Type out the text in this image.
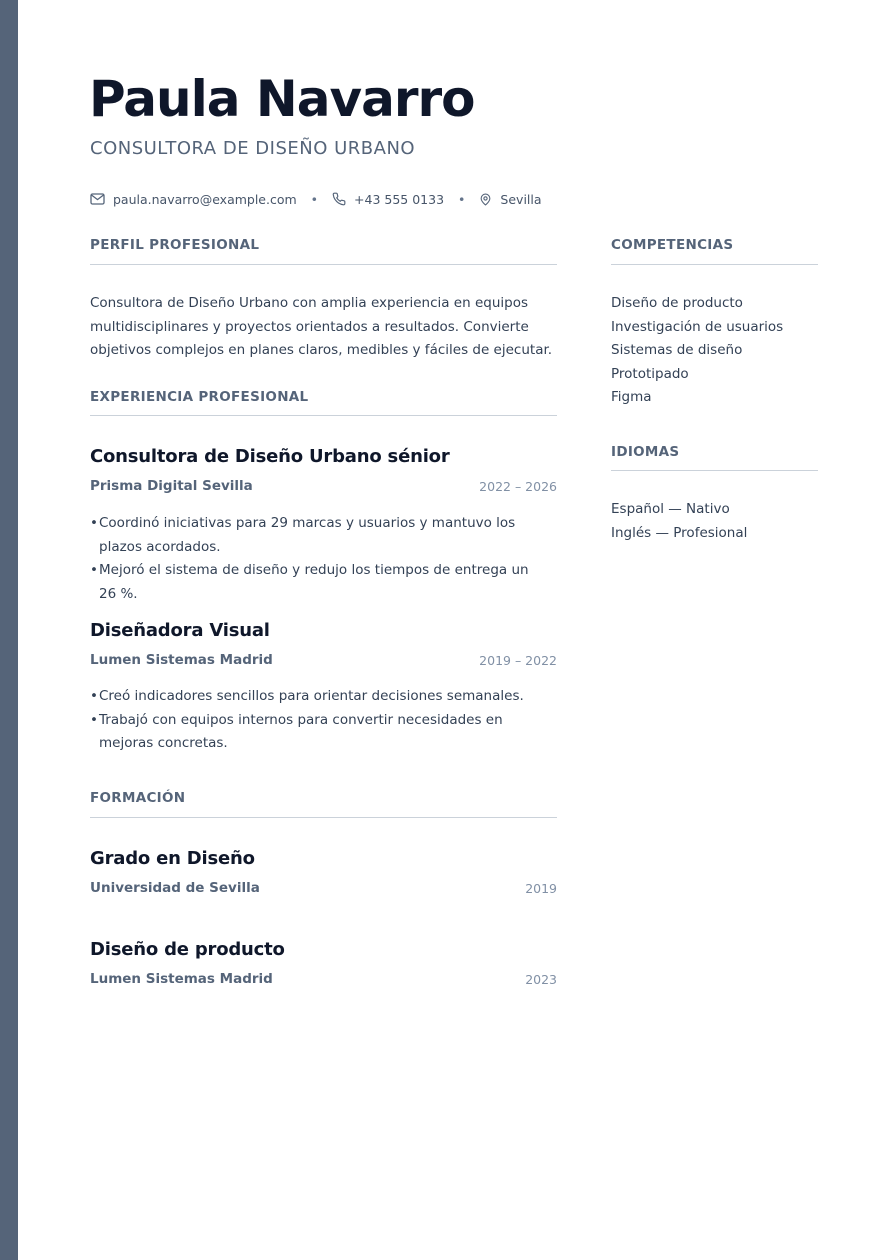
Paula Navarro
CONSULTORA DE DISEÑO URBANO
paula.navarro@example.com •	+43 555 0133 •	Sevilla
PERFIL PROFESIONAL

Consultora de Diseño Urbano con amplia experiencia en equipos multidisciplinares y proyectos orientados a resultados. Convierte objetivos complejos en planes claros, medibles y fáciles de ejecutar.

EXPERIENCIA PROFESIONAL
Consultora de Diseño Urbano sénior
Prisma Digital Sevilla	2022 – 2026
• Coordinó iniciativas para 29 marcas y usuarios y mantuvo los plazos acordados.
• Mejoró el sistema de diseño y redujo los tiempos de entrega un 26 %.
Diseñadora Visual
Lumen Sistemas Madrid	2019 – 2022
• Creó indicadores sencillos para orientar decisiones semanales.
• Trabajó con equipos internos para convertir necesidades en mejoras concretas.
FORMACIÓN
Grado en Diseño
Universidad de Sevilla	2019
Diseño de producto
Lumen Sistemas Madrid	2023
COMPETENCIAS
Diseño de producto
Investigación de usuarios
Sistemas de diseño
Prototipado
Figma
IDIOMAS
Español — Nativo
Inglés — Profesional
